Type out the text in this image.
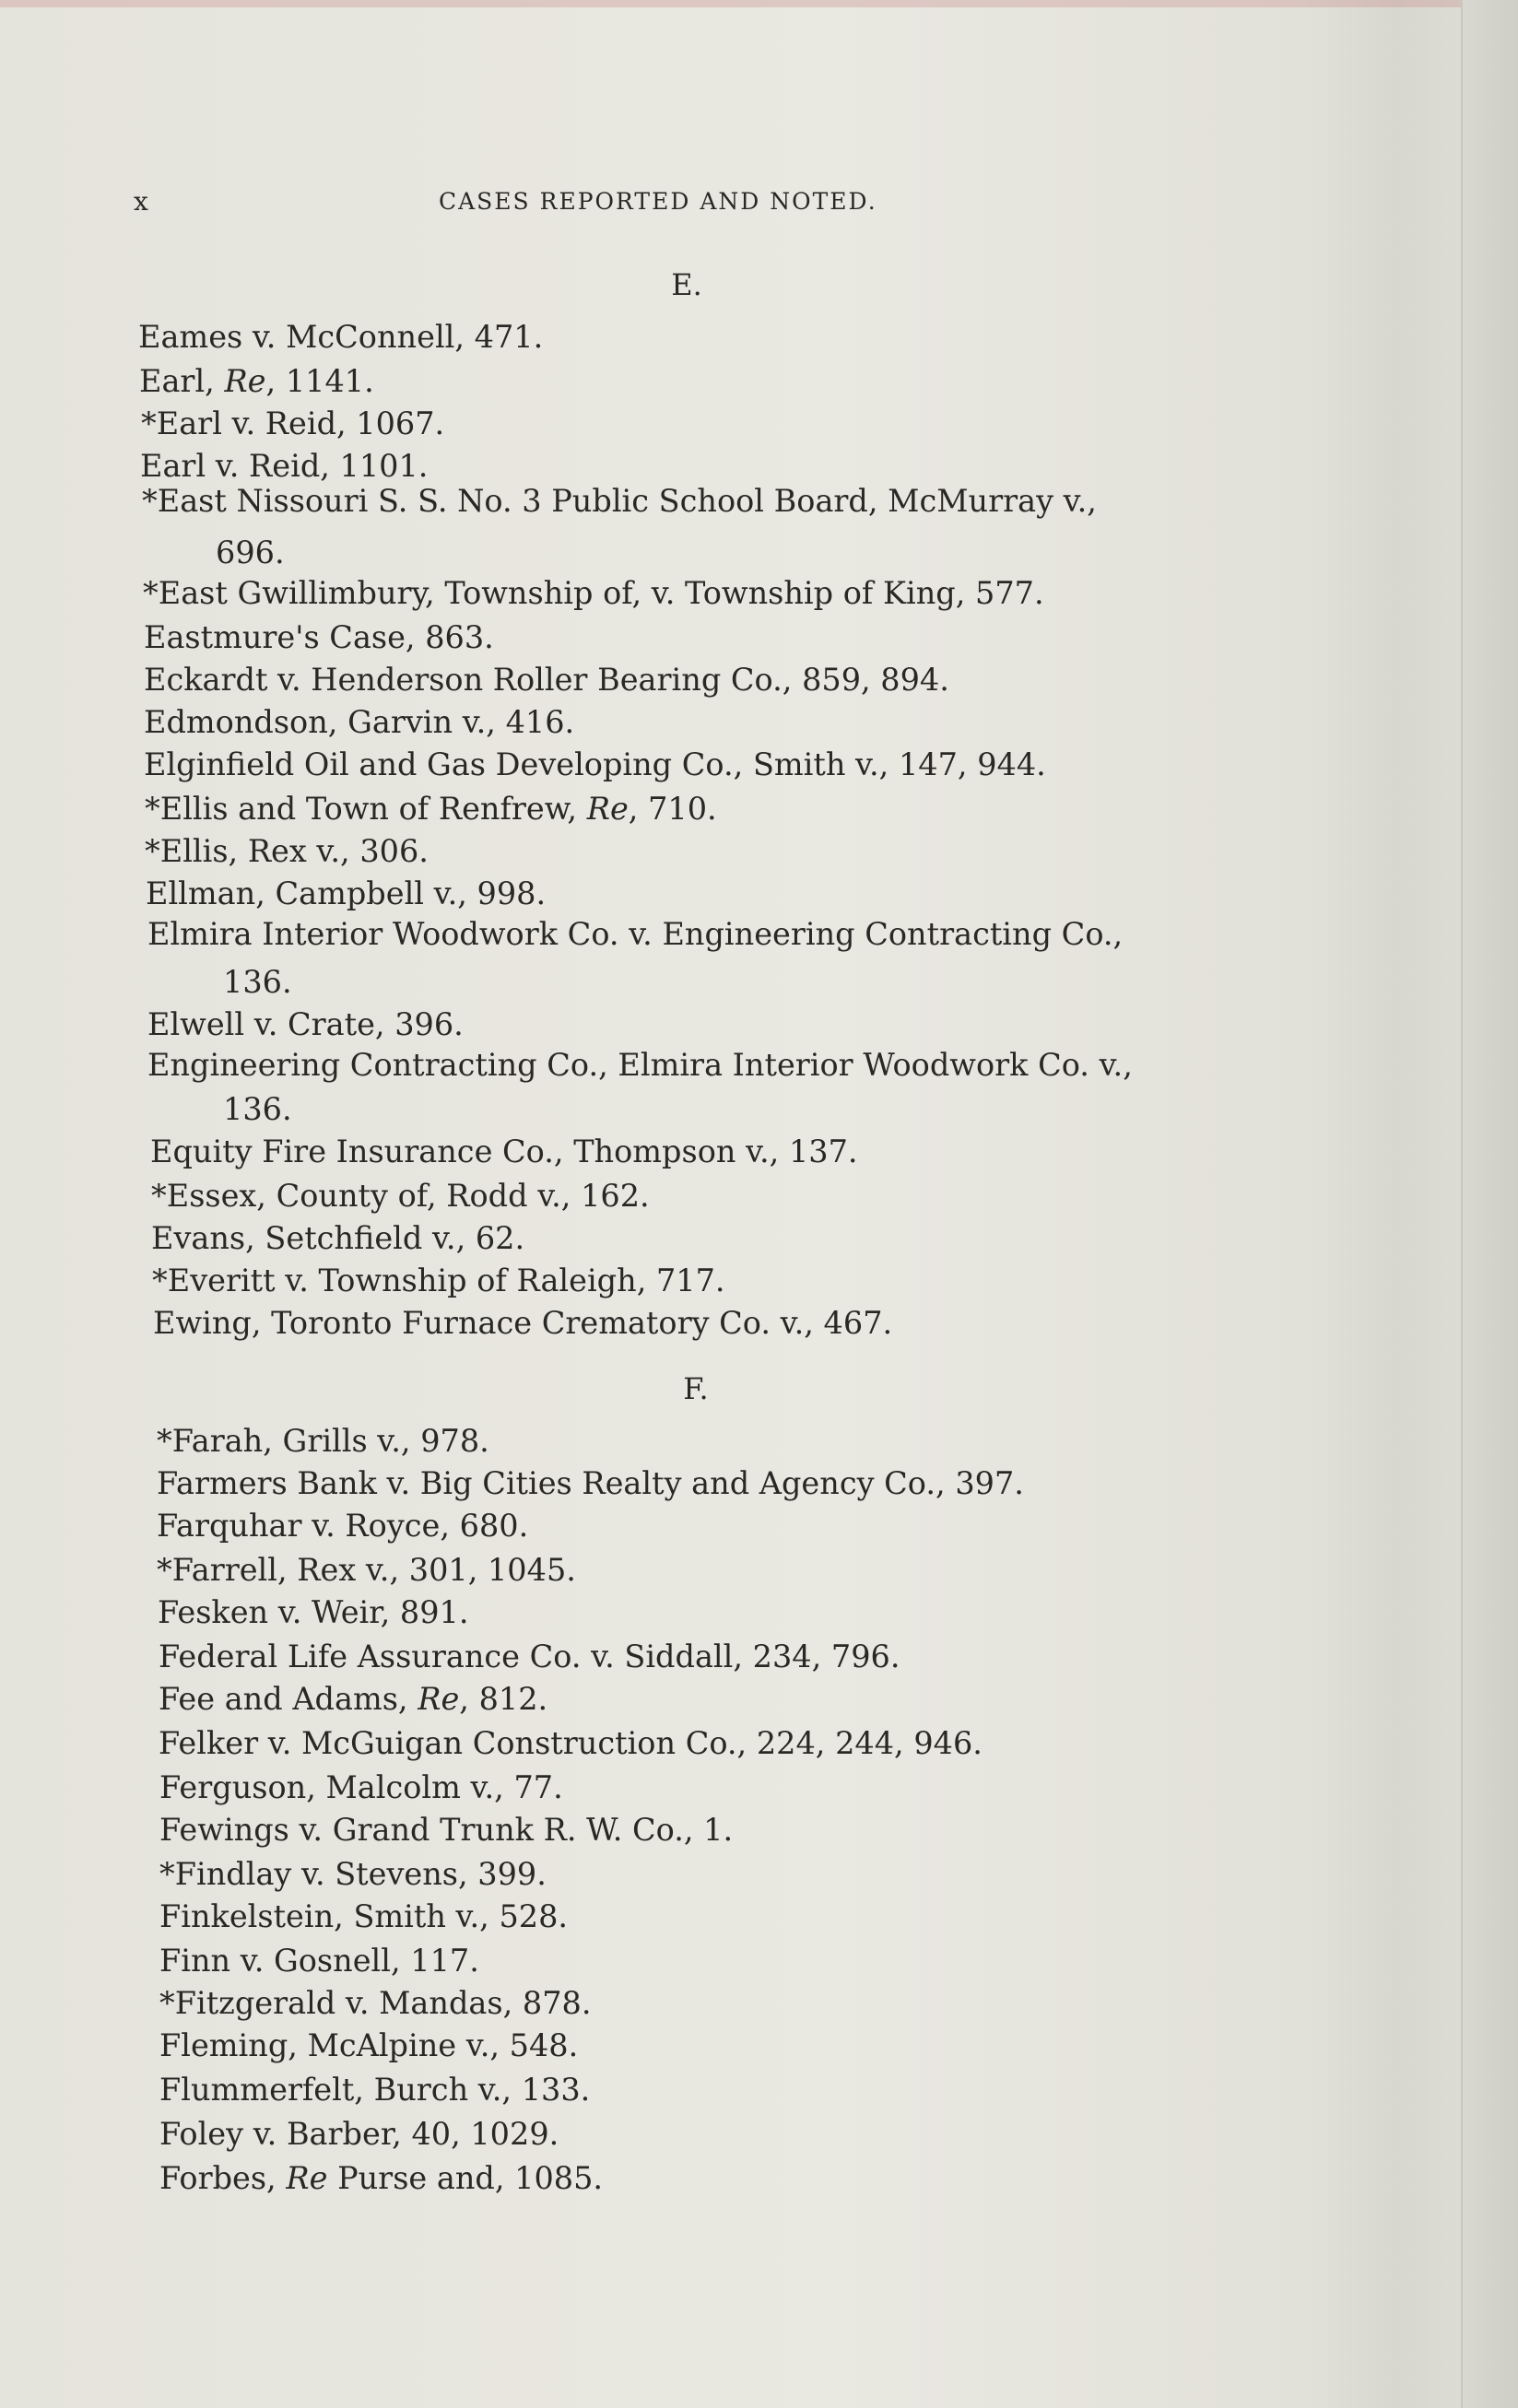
x	CASES REPORTED AND NOTED.
E.
F.
Eames v. McConnell, 471.
Earl, Re, 1141.
*Earl v. Reid, 1067.
Earl v. Reid, 1101.
*East Nissouri S. S. No. 3 Public School Board, McMurray v.,
696.
*East Gwillimbury, Township of, v. Township of King, 577.
Eastmure's Case, 863.
Eckardt v. Henderson Roller Bearing Co., 859, 894.
Edmondson, Garvin v., 416.
Elginfield Oil and Gas Developing Co., Smith v., 147, 944.
*Ellis and Town of Renfrew, Re, 710.
*Ellis, Rex v., 306.
Ellman, Campbell v., 998.
Elmira Interior Woodwork Co. v. Engineering Contracting Co.,
136.
Elwell v. Crate, 396.
Engineering Contracting Co., Elmira Interior Woodwork Co. v.,
136.
Equity Fire Insurance Co., Thompson v., 137.
*Essex, County of, Rodd v., 162.
Evans, Setchfield v., 62.
*Everitt v. Township of Raleigh, 717.
Ewing, Toronto Furnace Crematory Co. v., 467.
*Farah, Grills v., 978.
Farmers Bank v. Big Cities Realty and Agency Co., 397.
Farquhar v. Royce, 680.
*Farrell, Rex v., 301, 1045.
Fesken v. Weir, 891.
Federal Life Assurance Co. v. Siddall, 234, 796.
Fee and Adams, Re, 812.
Felker v. McGuigan Construction Co., 224, 244, 946.
Ferguson, Malcolm v., 77.
Fewings v. Grand Trunk R. W. Co., 1.
*Findlay v. Stevens, 399.
Finkelstein, Smith v., 528.
Finn v. Gosnell, 117.
*Fitzgerald v. Mandas, 878.
Fleming, McAlpine v., 548.
Flummerfelt, Burch v., 133.
Foley v. Barber, 40, 1029.
Forbes, Re Purse and, 1085.
